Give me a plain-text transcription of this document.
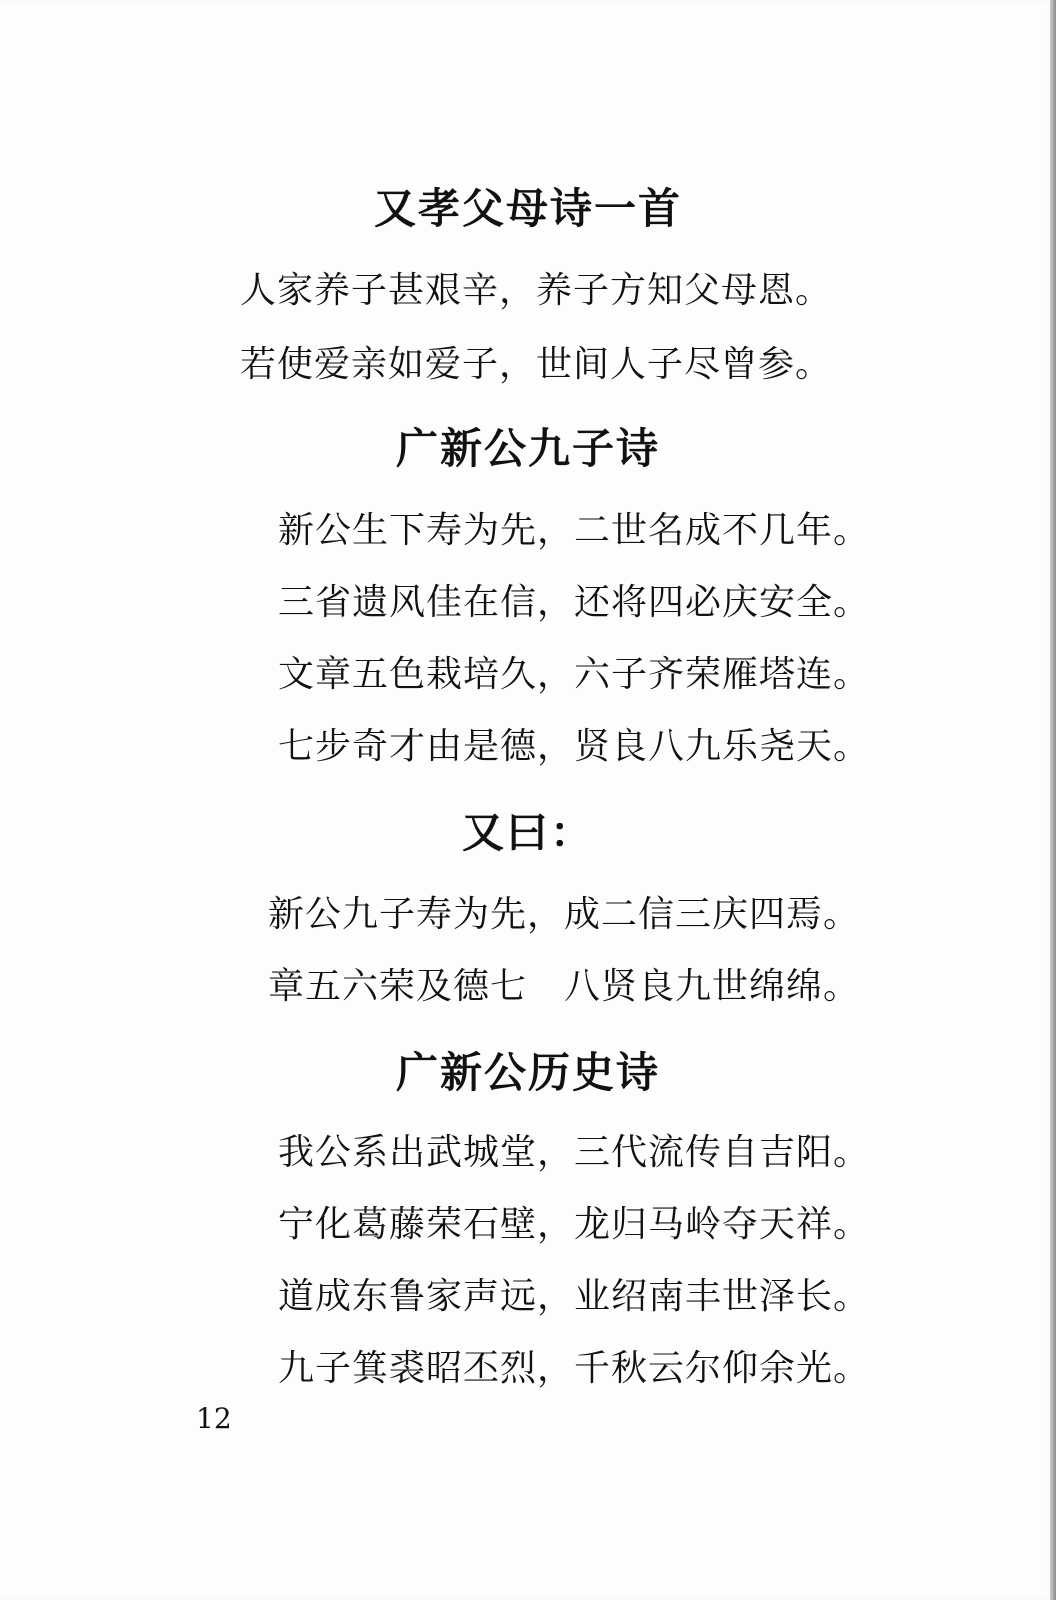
又孝父母诗一首
人家养子甚艰辛，养子方知父母恩。
若使爱亲如爱子，世间人子尽曾参。
广新公九子诗
新公生下寿为先，二世名成不几年。
三省遗风佳在信，还将四必庆安全。
文章五色栽培久，六子齐荣雁塔连。
七步奇才由是德，贤良八九乐尧天。
又曰：
新公九子寿为先，成二信三庆四焉。
章五六荣及德七　八贤良九世绵绵。
广新公历史诗
我公系出武城堂，三代流传自吉阳。
宁化葛藤荣石壁，龙归马岭夺天祥。
道成东鲁家声远，业绍南丰世泽长。
九子箕裘昭丕烈，千秋云尔仰余光。
12
